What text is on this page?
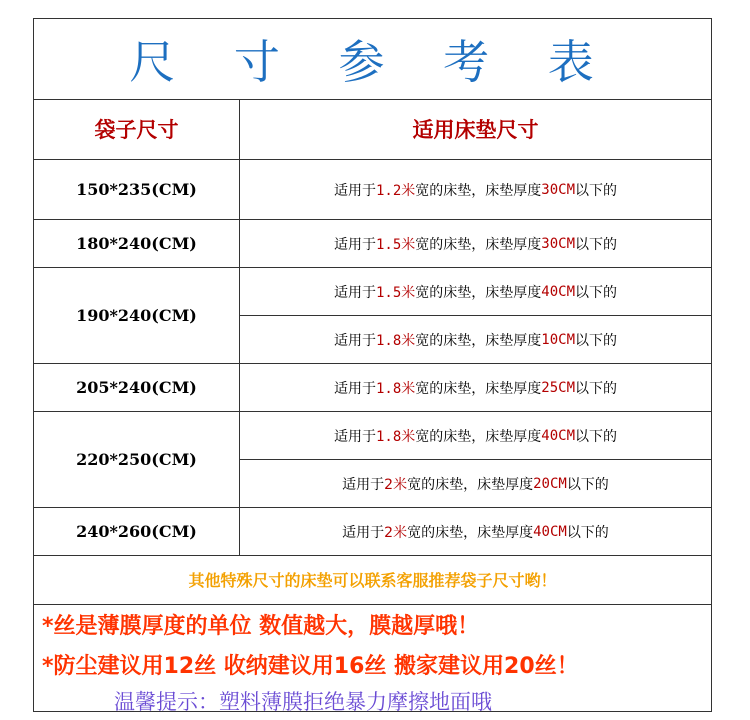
尺 寸 参 考 表
袋子尺寸	适用床垫尺寸
150*235(CM)	适用于 1.2米 宽的床垫，床垫厚度 30CM 以下的
180*240(CM)	适用于 1.5米 宽的床垫，床垫厚度 30CM 以下的
190*240(CM)
适用于 1.5米 宽的床垫，床垫厚度 40CM 以下的
适用于 1.8米 宽的床垫，床垫厚度 10CM 以下的
205*240(CM)	适用于 1.8米 宽的床垫，床垫厚度 25CM 以下的
220*250(CM)
适用于 1.8米 宽的床垫，床垫厚度 40CM 以下的
适用于 2米 宽的床垫，床垫厚度 20CM 以下的
240*260(CM)	适用于 2米 宽的床垫，床垫厚度 40CM 以下的
其他特殊尺寸的床垫可以联系客服推荐袋子尺寸哟！
*丝是薄膜厚度的单位 数值越大，膜越厚哦！
*防尘建议用12丝 收纳建议用16丝 搬家建议用20丝！
温馨提示：塑料薄膜拒绝暴力摩擦地面哦
